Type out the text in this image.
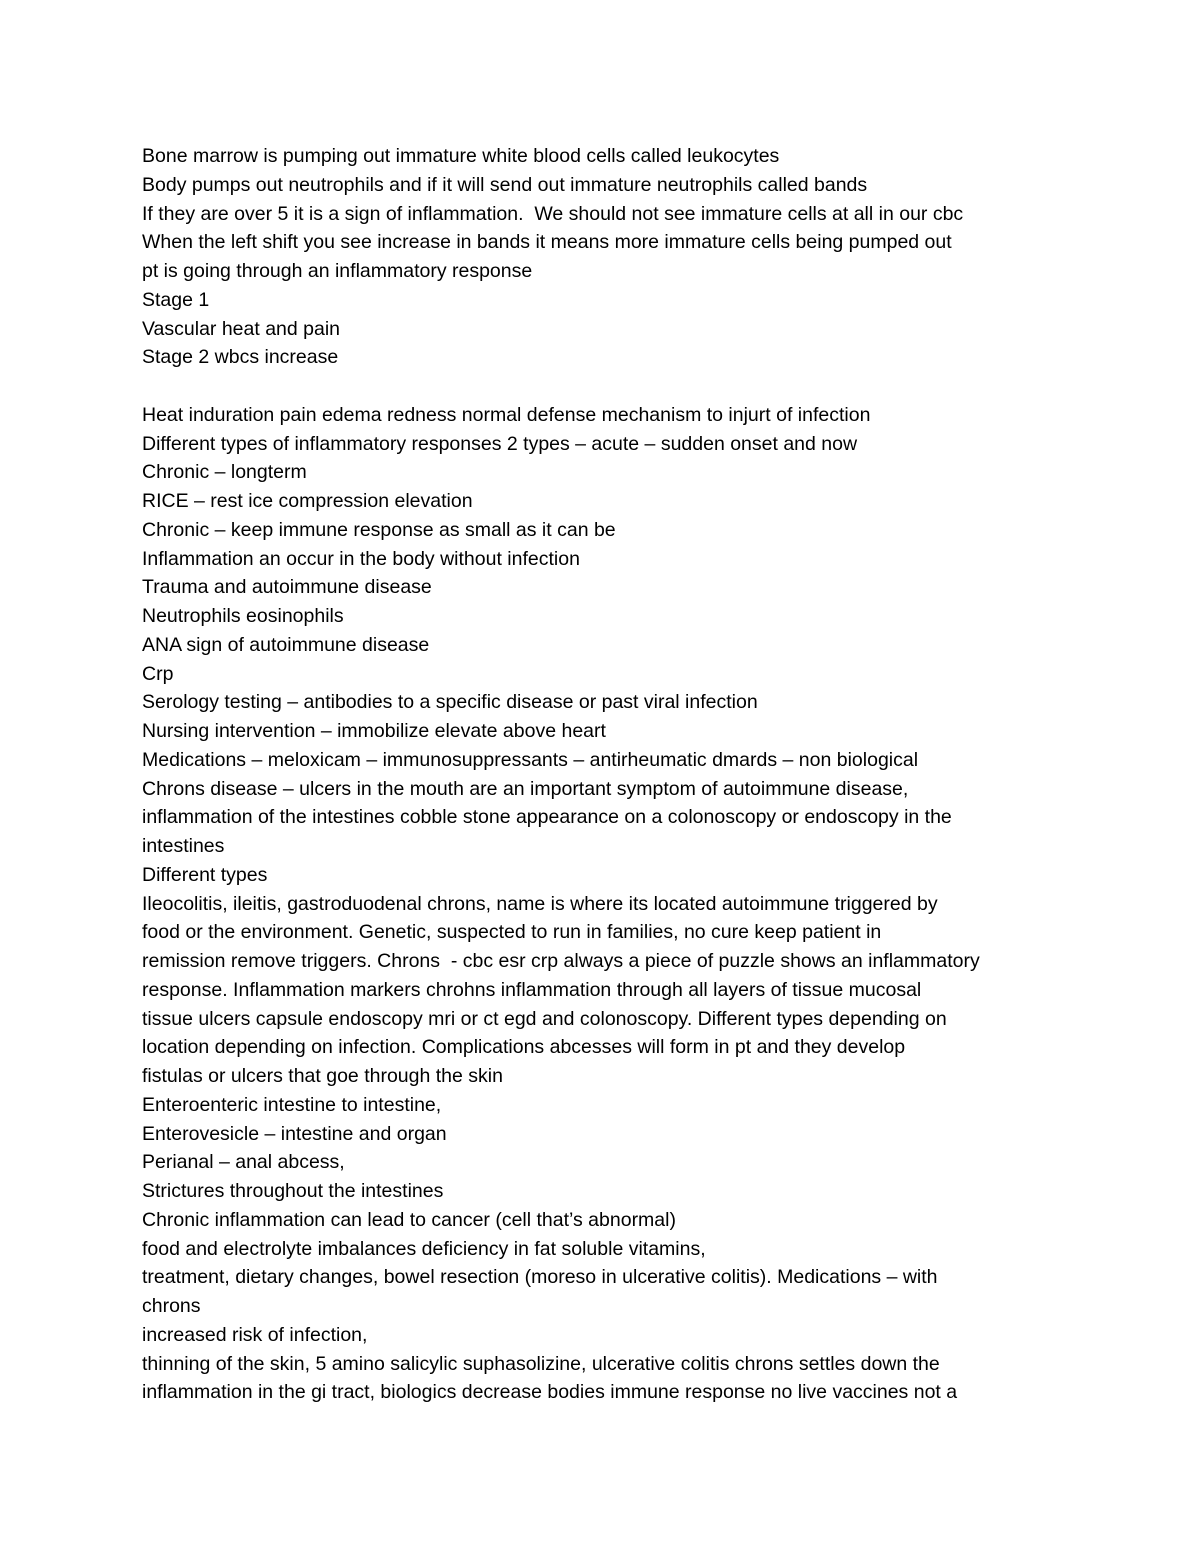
Bone marrow is pumping out immature white blood cells called leukocytes
Body pumps out neutrophils and if it will send out immature neutrophils called bands
If they are over 5 it is a sign of inflammation.  We should not see immature cells at all in our cbc
When the left shift you see increase in bands it means more immature cells being pumped out
pt is going through an inflammatory response
Stage 1
Vascular heat and pain
Stage 2 wbcs increase
Heat induration pain edema redness normal defense mechanism to injurt of infection
Different types of inflammatory responses 2 types – acute – sudden onset and now
Chronic – longterm
RICE – rest ice compression elevation
Chronic – keep immune response as small as it can be
Inflammation an occur in the body without infection
Trauma and autoimmune disease
Neutrophils eosinophils
ANA sign of autoimmune disease
Crp
Serology testing – antibodies to a specific disease or past viral infection
Nursing intervention – immobilize elevate above heart
Medications – meloxicam – immunosuppressants – antirheumatic dmards – non biological
Chrons disease – ulcers in the mouth are an important symptom of autoimmune disease,
inflammation of the intestines cobble stone appearance on a colonoscopy or endoscopy in the
intestines
Different types
Ileocolitis, ileitis, gastroduodenal chrons, name is where its located autoimmune triggered by
food or the environment. Genetic, suspected to run in families, no cure keep patient in
remission remove triggers. Chrons  - cbc esr crp always a piece of puzzle shows an inflammatory
response. Inflammation markers chrohns inflammation through all layers of tissue mucosal
tissue ulcers capsule endoscopy mri or ct egd and colonoscopy. Different types depending on
location depending on infection. Complications abcesses will form in pt and they develop
fistulas or ulcers that goe through the skin
Enteroenteric intestine to intestine,
Enterovesicle – intestine and organ
Perianal – anal abcess,
Strictures throughout the intestines
Chronic inflammation can lead to cancer (cell that’s abnormal)
food and electrolyte imbalances deficiency in fat soluble vitamins,
treatment, dietary changes, bowel resection (moreso in ulcerative colitis). Medications – with
chrons
increased risk of infection,
thinning of the skin, 5 amino salicylic suphasolizine, ulcerative colitis chrons settles down the
inflammation in the gi tract, biologics decrease bodies immune response no live vaccines not a
